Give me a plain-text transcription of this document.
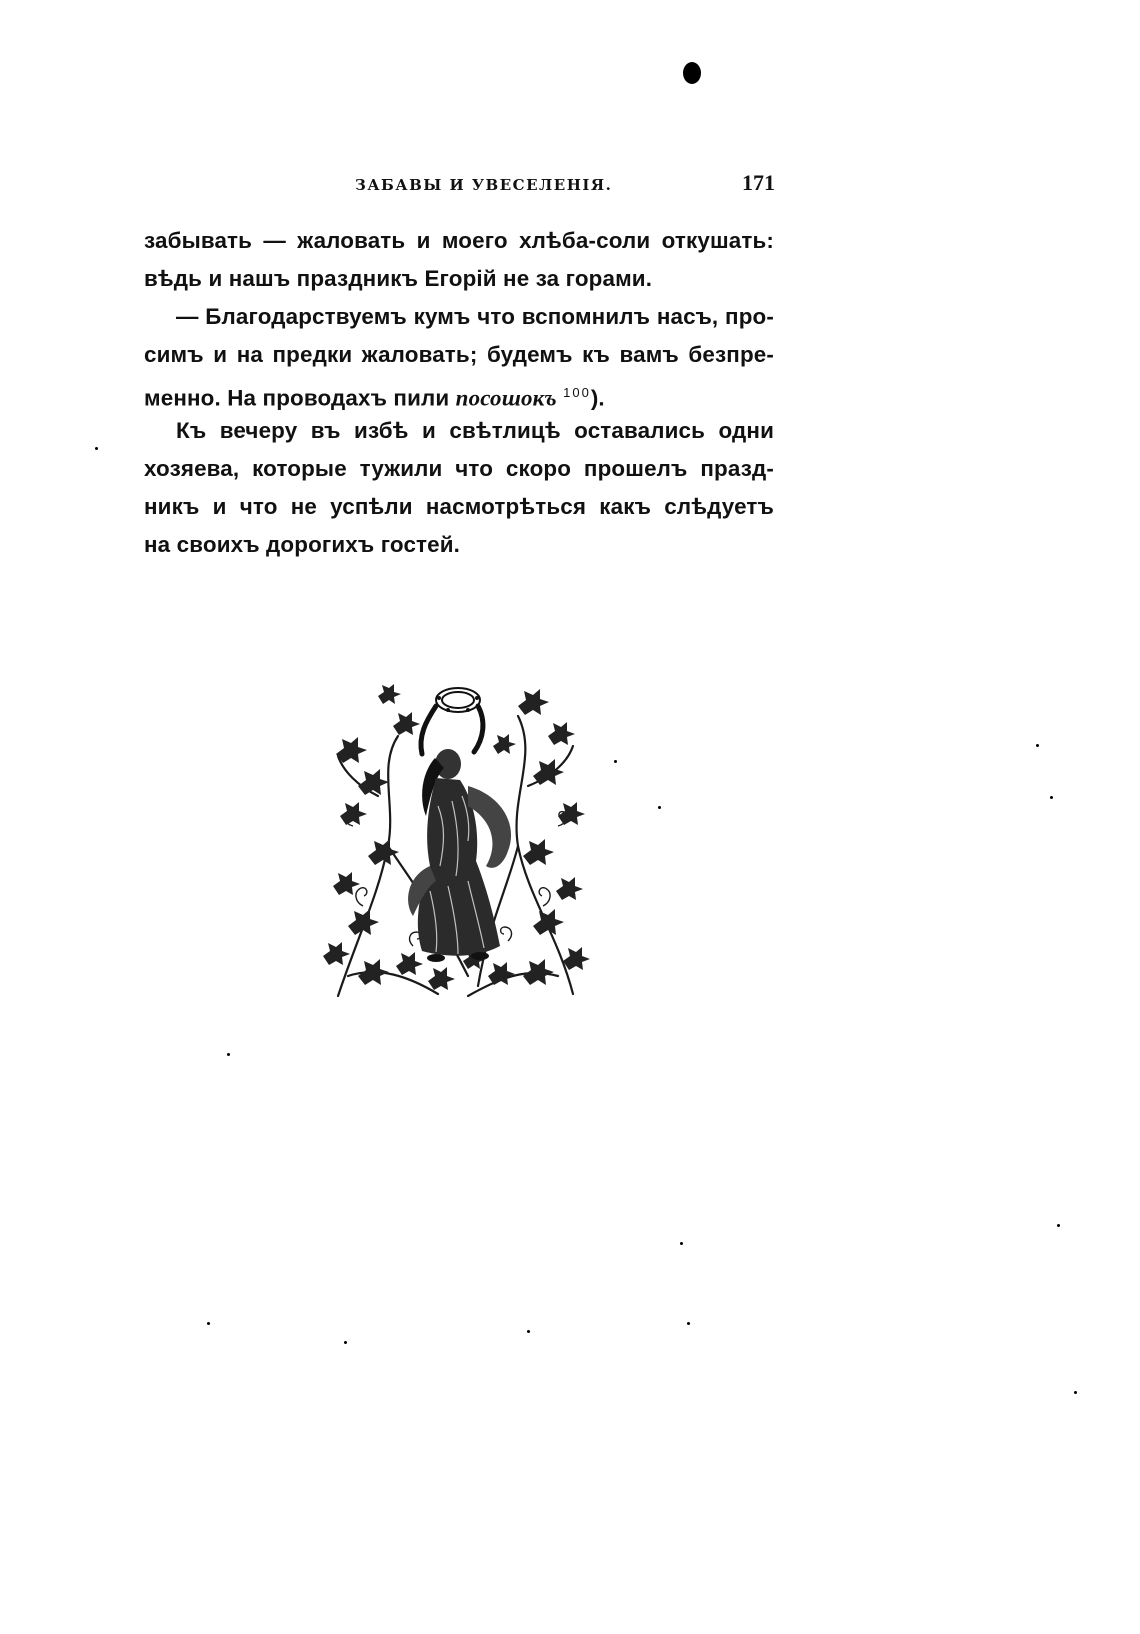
ЗАБАВЫ И УВЕСЕЛЕНІЯ.	171
забывать — жаловать и моего хлѣба-соли откушать:
вѣдь и нашъ праздникъ Егорій не за горами.
— Благодарствуемъ кумъ что вспомнилъ насъ, про-
симъ и на предки жаловать; будемъ къ вамъ безпре-
менно. На проводахъ пили посошокъ $^{100}$).
Къ вечеру въ избѣ и свѣтлицѣ оставались одни
хозяева, которые тужили что скоро прошелъ празд-
никъ и что не успѣли насмотрѣться какъ слѣдуетъ
на своихъ дорогихъ гостей.
